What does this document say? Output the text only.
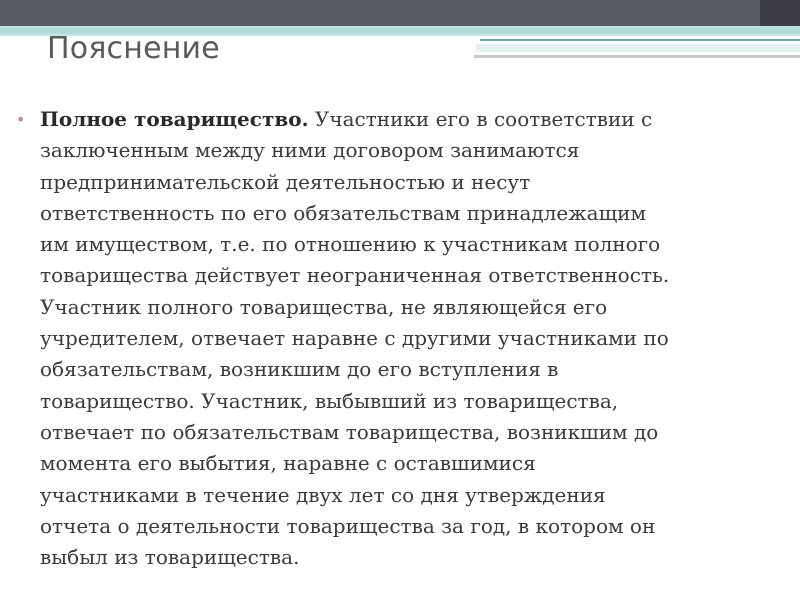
Пояснение
• Полное товарищество. Участники его в соответствии с
заключенным между ними договором занимаются
предпринимательской деятельностью и несут
ответственность по его обязательствам принадлежащим
им имуществом, т.е. по отношению к участникам полного
товарищества действует неограниченная ответственность.
Участник полного товарищества, не являющейся его
учредителем, отвечает наравне с другими участниками по
обязательствам, возникшим до его вступления в
товарищество. Участник, выбывший из товарищества,
отвечает по обязательствам товарищества, возникшим до
момента его выбытия, наравне с оставшимися
участниками в течение двух лет со дня утверждения
отчета о деятельности товарищества за год, в котором он
выбыл из товарищества.
